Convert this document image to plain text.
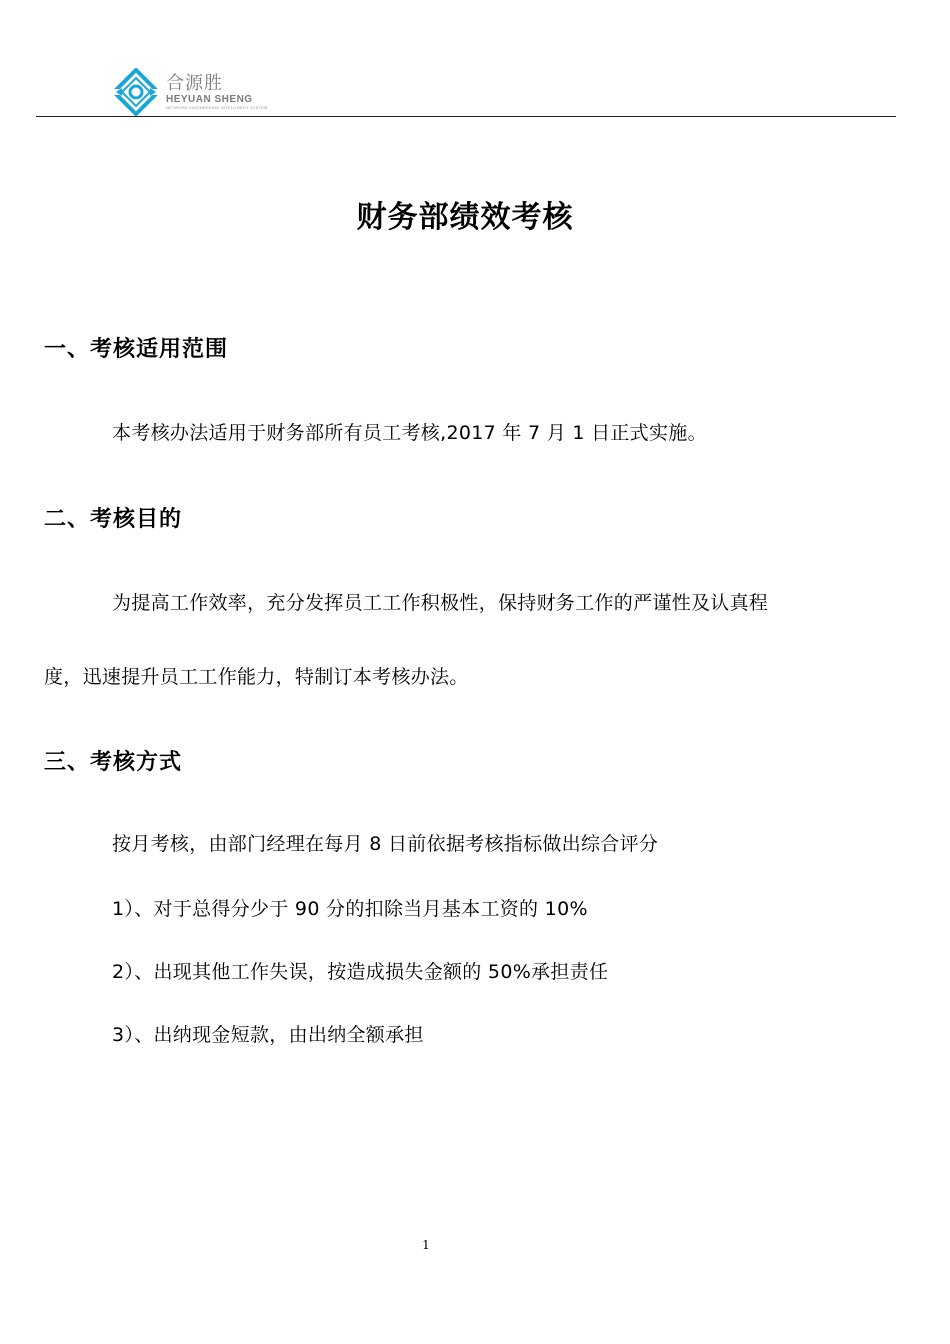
合源胜
HEYUAN SHENG
NETWORK ENGINEERING INTELLIGENT SYSTEM
财务部绩效考核
一、考核适用范围
本考核办法适用于财务部所有员工考核,2017 年 7 月 1 日正式实施。
二、考核目的
为提高工作效率，充分发挥员工工作积极性，保持财务工作的严谨性及认真程
度，迅速提升员工工作能力，特制订本考核办法。
三、考核方式
按月考核，由部门经理在每月 8 日前依据考核指标做出综合评分
1）、对于总得分少于 90 分的扣除当月基本工资的 10%
2）、出现其他工作失误，按造成损失金额的 50%承担责任
3）、出纳现金短款，由出纳全额承担
1
